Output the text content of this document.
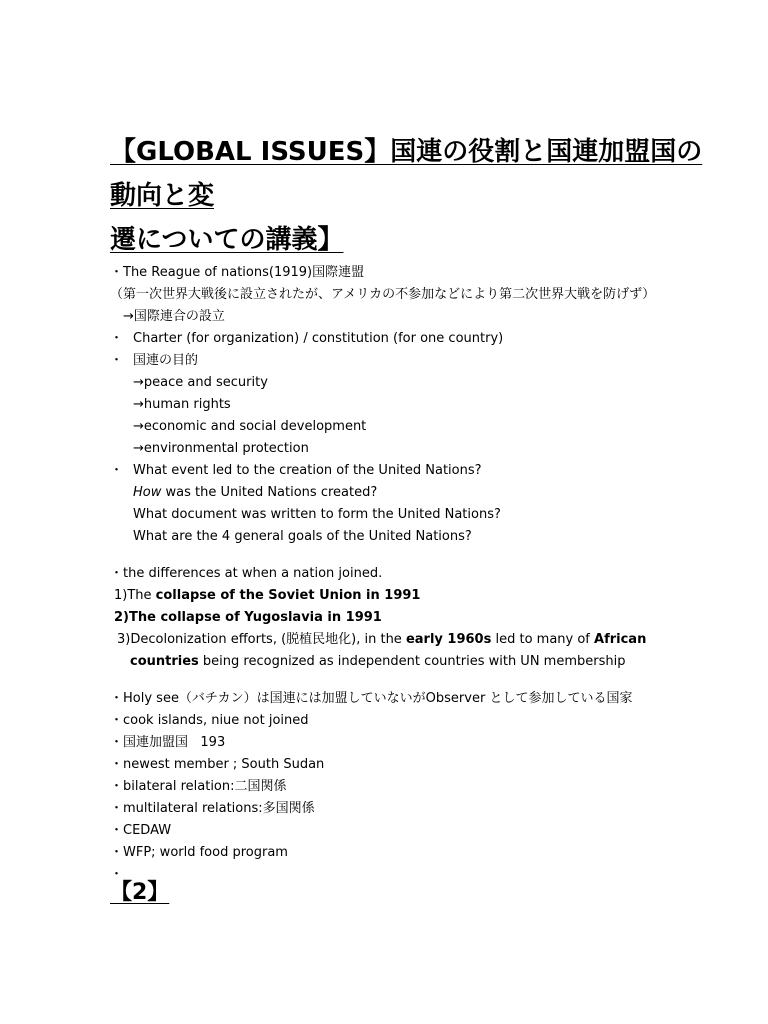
【GLOBAL ISSUES】国連の役割と国連加盟国の動向と変
遷についての講義】
・The Reague of nations(1919)国際連盟
（第一次世界大戦後に設立されたが、アメリカの不参加などにより第二次世界大戦を防げず）
→国際連合の設立
・ Charter (for organization) / constitution (for one country)
・ 国連の目的
→peace and security
→human rights
→economic and social development
→environmental protection
・ What event led to the creation of the United Nations?
How was the United Nations created?
What document was written to form the United Nations?
What are the 4 general goals of the United Nations?
・the differences at when a nation joined.
1)The collapse of the Soviet Union in 1991
2)The collapse of Yugoslavia in 1991
3)Decolonization efforts, (脱植民地化), in the early 1960s led to many of African
countries being recognized as independent countries with UN membership
・Holy see（バチカン）は国連には加盟していないがObserver として参加している国家
・cook islands, niue not joined
・国連加盟国   193
・newest member ; South Sudan
・bilateral relation:二国関係
・multilateral relations:多国関係
・CEDAW
・WFP; world food program
・
【2】
